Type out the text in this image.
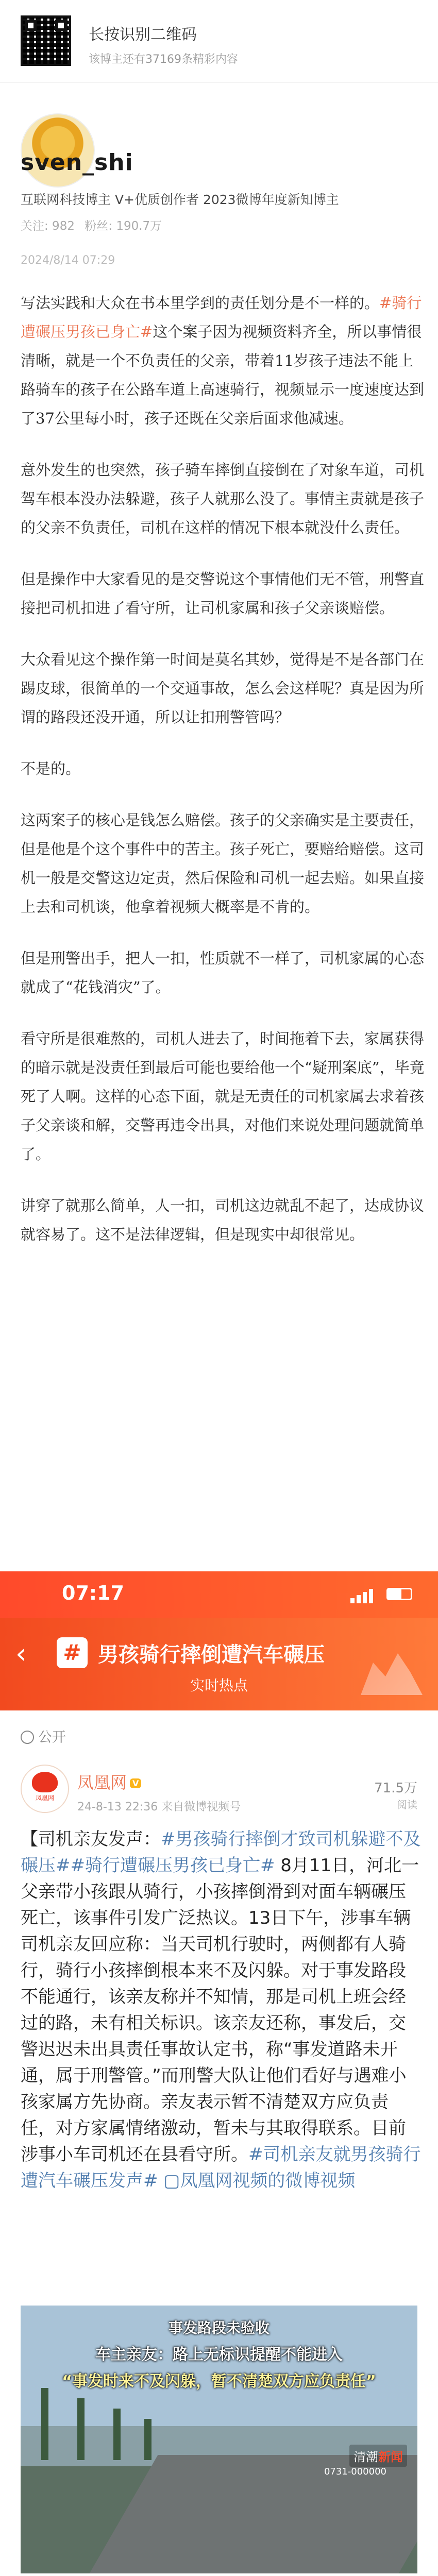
长按识别二维码
该博主还有37169条精彩内容
sven_shi
互联网科技博主 V+优质创作者 2023微博年度新知博主
关注: 982 粉丝: 190.7万
2024/8/14 07:29

写法实践和大众在书本里学到的责任划分是不一样的。#骑行遭碾压男孩已身亡#这个案子因为视频资料齐全，所以事情很清晰，就是一个不负责任的父亲，带着11岁孩子违法不能上路骑车的孩子在公路车道上高速骑行，视频显示一度速度达到了37公里每小时，孩子还既在父亲后面求他减速。

意外发生的也突然，孩子骑车摔倒直接倒在了对象车道，司机驾车根本没办法躲避，孩子人就那么没了。事情主责就是孩子的父亲不负责任，司机在这样的情况下根本就没什么责任。

但是操作中大家看见的是交警说这个事情他们无不管，刑警直接把司机扣进了看守所，让司机家属和孩子父亲谈赔偿。

大众看见这个操作第一时间是莫名其妙，觉得是不是各部门在踢皮球，很简单的一个交通事故，怎么会这样呢？真是因为所谓的路段还没开通，所以让扣刑警管吗？

不是的。

这两案子的核心是钱怎么赔偿。孩子的父亲确实是主要责任，但是他是个这个事件中的苦主。孩子死亡，要赔给赔偿。这司机一般是交警这边定责，然后保险和司机一起去赔。如果直接上去和司机谈，他拿着视频大概率是不肯的。

但是刑警出手，把人一扣，性质就不一样了，司机家属的心态就成了“花钱消灾”了。

看守所是很难熬的，司机人进去了，时间拖着下去，家属获得的暗示就是没责任到最后可能也要给他一个“疑刑案底”，毕竟死了人啊。这样的心态下面，就是无责任的司机家属去求着孩子父亲谈和解，交警再违令出具，对他们来说处理问题就简单了。

讲穿了就那么简单，人一扣，司机这边就乱不起了，达成协议就容易了。这不是法律逻辑，但是现实中却很常见。

07:17
‹	# 男孩骑行摔倒遭汽车碾压
实时热点
公开
凤凰网
凤凰网 V
24-8-13 22:36 来自微博视频号
71.5万
阅读

【司机亲友发声：#男孩骑行摔倒才致司机躲避不及碾压##骑行遭碾压男孩已身亡# 8月11日，河北一父亲带小孩跟从骑行，小孩摔倒滑到对面车辆碾压死亡，该事件引发广泛热议。13日下午，涉事车辆司机亲友回应称：当天司机行驶时，两侧都有人骑行，骑行小孩摔倒根本来不及闪躲。对于事发路段不能通行，该亲友称并不知情，那是司机上班会经过的路，未有相关标识。该亲友还称，事发后，交警迟迟未出具责任事故认定书，称“事发道路未开通，属于刑警管。”而刑警大队让他们看好与遇难小孩家属方先协商。亲友表示暂不清楚双方应负责任，对方家属情绪激动，暂未与其取得联系。目前涉事小车司机还在县看守所。#司机亲友就男孩骑行遭汽车碾压发声# ▢凤凰网视频的微博视频

事发路段未验收
车主亲友：路上无标识提醒不能进入
“事发时来不及闪躲，暂不清楚双方应负责任”
清潮新闻
0731-000000
